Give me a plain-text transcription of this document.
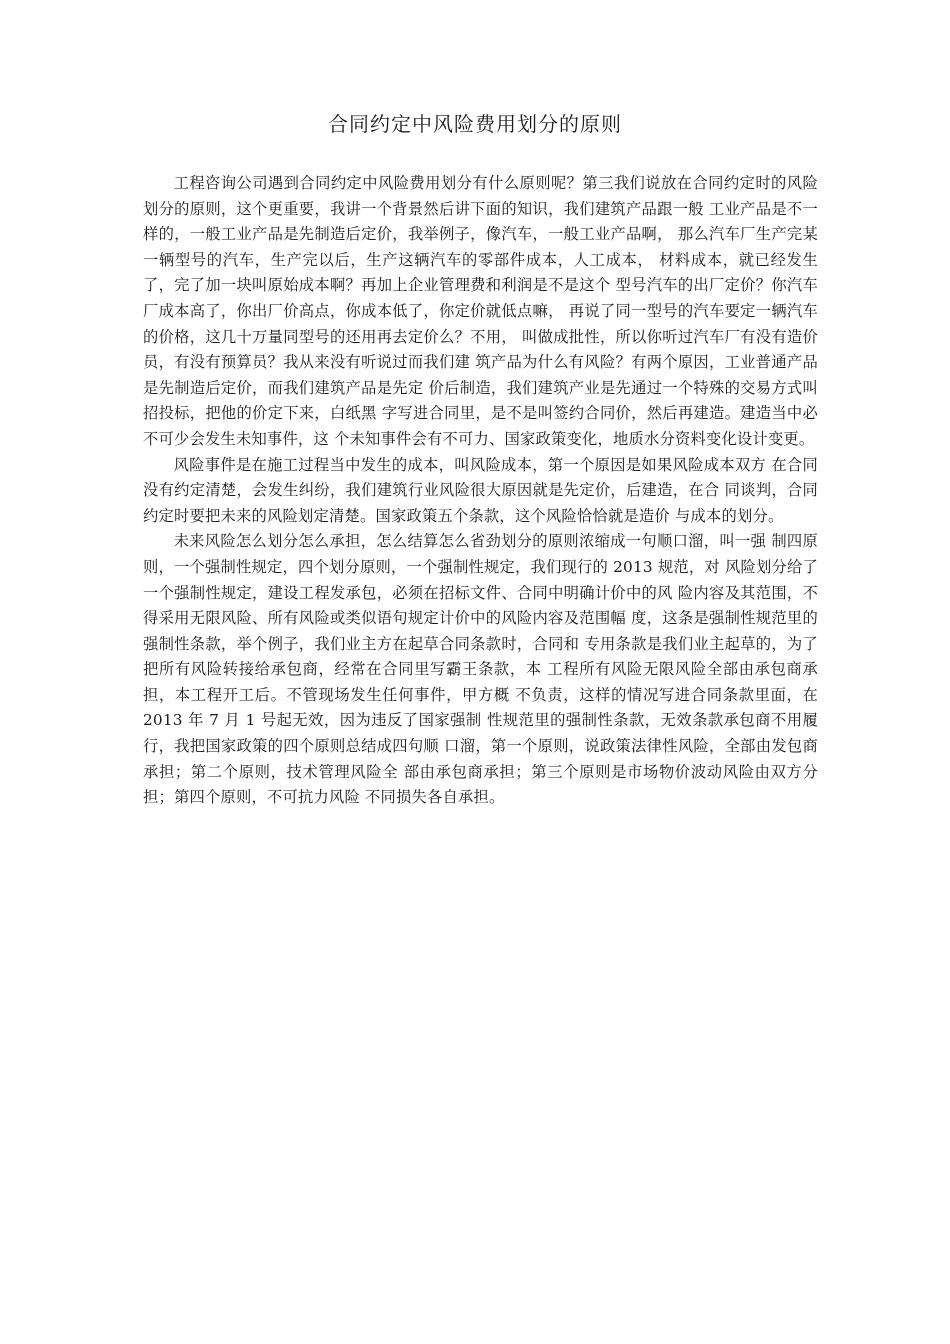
合同约定中风险费用划分的原则

工程咨询公司遇到合同约定中风险费用划分有什么原则呢？第三我们说放在合同约定时的风险划分的原则，这个更重要，我讲一个背景然后讲下面的知识，我们建筑产品跟一般 工业产品是不一样的，一般工业产品是先制造后定价，我举例子，像汽车，一般工业产品啊， 那么汽车厂生产完某一辆型号的汽车，生产完以后，生产这辆汽车的零部件成本，人工成本， 材料成本，就已经发生了，完了加一块叫原始成本啊？再加上企业管理费和利润是不是这个 型号汽车的出厂定价？你汽车厂成本高了，你出厂价高点，你成本低了，你定价就低点嘛， 再说了同一型号的汽车要定一辆汽车的价格，这几十万量同型号的还用再去定价么？不用， 叫做成批性，所以你听过汽车厂有没有造价员，有没有预算员？我从来没有听说过而我们建 筑产品为什么有风险？有两个原因，工业普通产品是先制造后定价，而我们建筑产品是先定 价后制造，我们建筑产业是先通过一个特殊的交易方式叫招投标，把他的价定下来，白纸黑 字写进合同里，是不是叫签约合同价，然后再建造。建造当中必不可少会发生未知事件，这 个未知事件会有不可力、国家政策变化，地质水分资料变化设计变更。

风险事件是在施工过程当中发生的成本，叫风险成本，第一个原因是如果风险成本双方 在合同没有约定清楚，会发生纠纷，我们建筑行业风险很大原因就是先定价，后建造，在合 同谈判，合同约定时要把未来的风险划定清楚。国家政策五个条款，这个风险恰恰就是造价 与成本的划分。

未来风险怎么划分怎么承担，怎么结算怎么省劲划分的原则浓缩成一句顺口溜，叫一强 制四原则，一个强制性规定，四个划分原则，一个强制性规定，我们现行的 2013 规范，对 风险划分给了一个强制性规定，建设工程发承包，必须在招标文件、合同中明确计价中的风 险内容及其范围，不得采用无限风险、所有风险或类似语句规定计价中的风险内容及范围幅 度，这条是强制性规范里的强制性条款，举个例子，我们业主方在起草合同条款时，合同和 专用条款是我们业主起草的，为了把所有风险转接给承包商，经常在合同里写霸王条款，本 工程所有风险无限风险全部由承包商承担，本工程开工后。不管现场发生任何事件，甲方概 不负责，这样的情况写进合同条款里面，在 2013 年 7 月 1 号起无效，因为违反了国家强制 性规范里的强制性条款，无效条款承包商不用履行，我把国家政策的四个原则总结成四句顺 口溜，第一个原则，说政策法律性风险，全部由发包商承担；第二个原则，技术管理风险全 部由承包商承担；第三个原则是市场物价波动风险由双方分担；第四个原则，不可抗力风险 不同损失各自承担。
